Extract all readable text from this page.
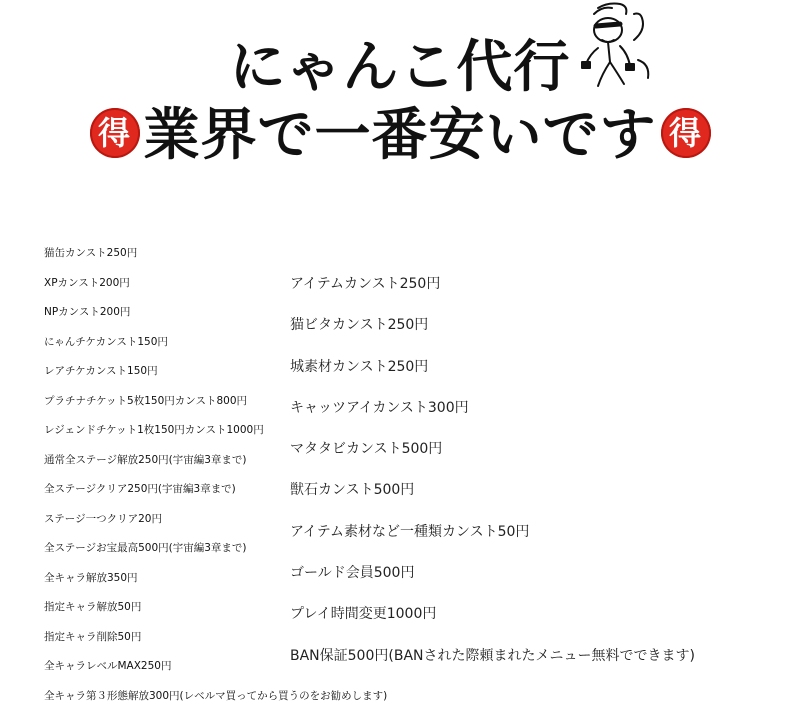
にゃんこ代行
得 業界で一番安いです 得
猫缶カンスト250円
XPカンスト200円
NPカンスト200円
にゃんチケカンスト150円
レアチケカンスト150円
プラチナチケット5枚150円カンスト800円
レジェンドチケット1枚150円カンスト1000円
通常全ステージ解放250円(宇宙編3章まで)
全ステージクリア250円(宇宙編3章まで)
ステージ一つクリア20円
全ステージお宝最高500円(宇宙編3章まで)
全キャラ解放350円
指定キャラ解放50円
指定キャラ削除50円
全キャラレベルMAX250円
全キャラ第３形態解放300円(レベルマ買ってから買うのをお勧めします)
アイテムカンスト250円
猫ビタカンスト250円
城素材カンスト250円
キャッツアイカンスト300円
マタタビカンスト500円
獣石カンスト500円
アイテム素材など一種類カンスト50円
ゴールド会員500円
プレイ時間変更1000円
BAN保証500円(BANされた際頼まれたメニュー無料でできます)
